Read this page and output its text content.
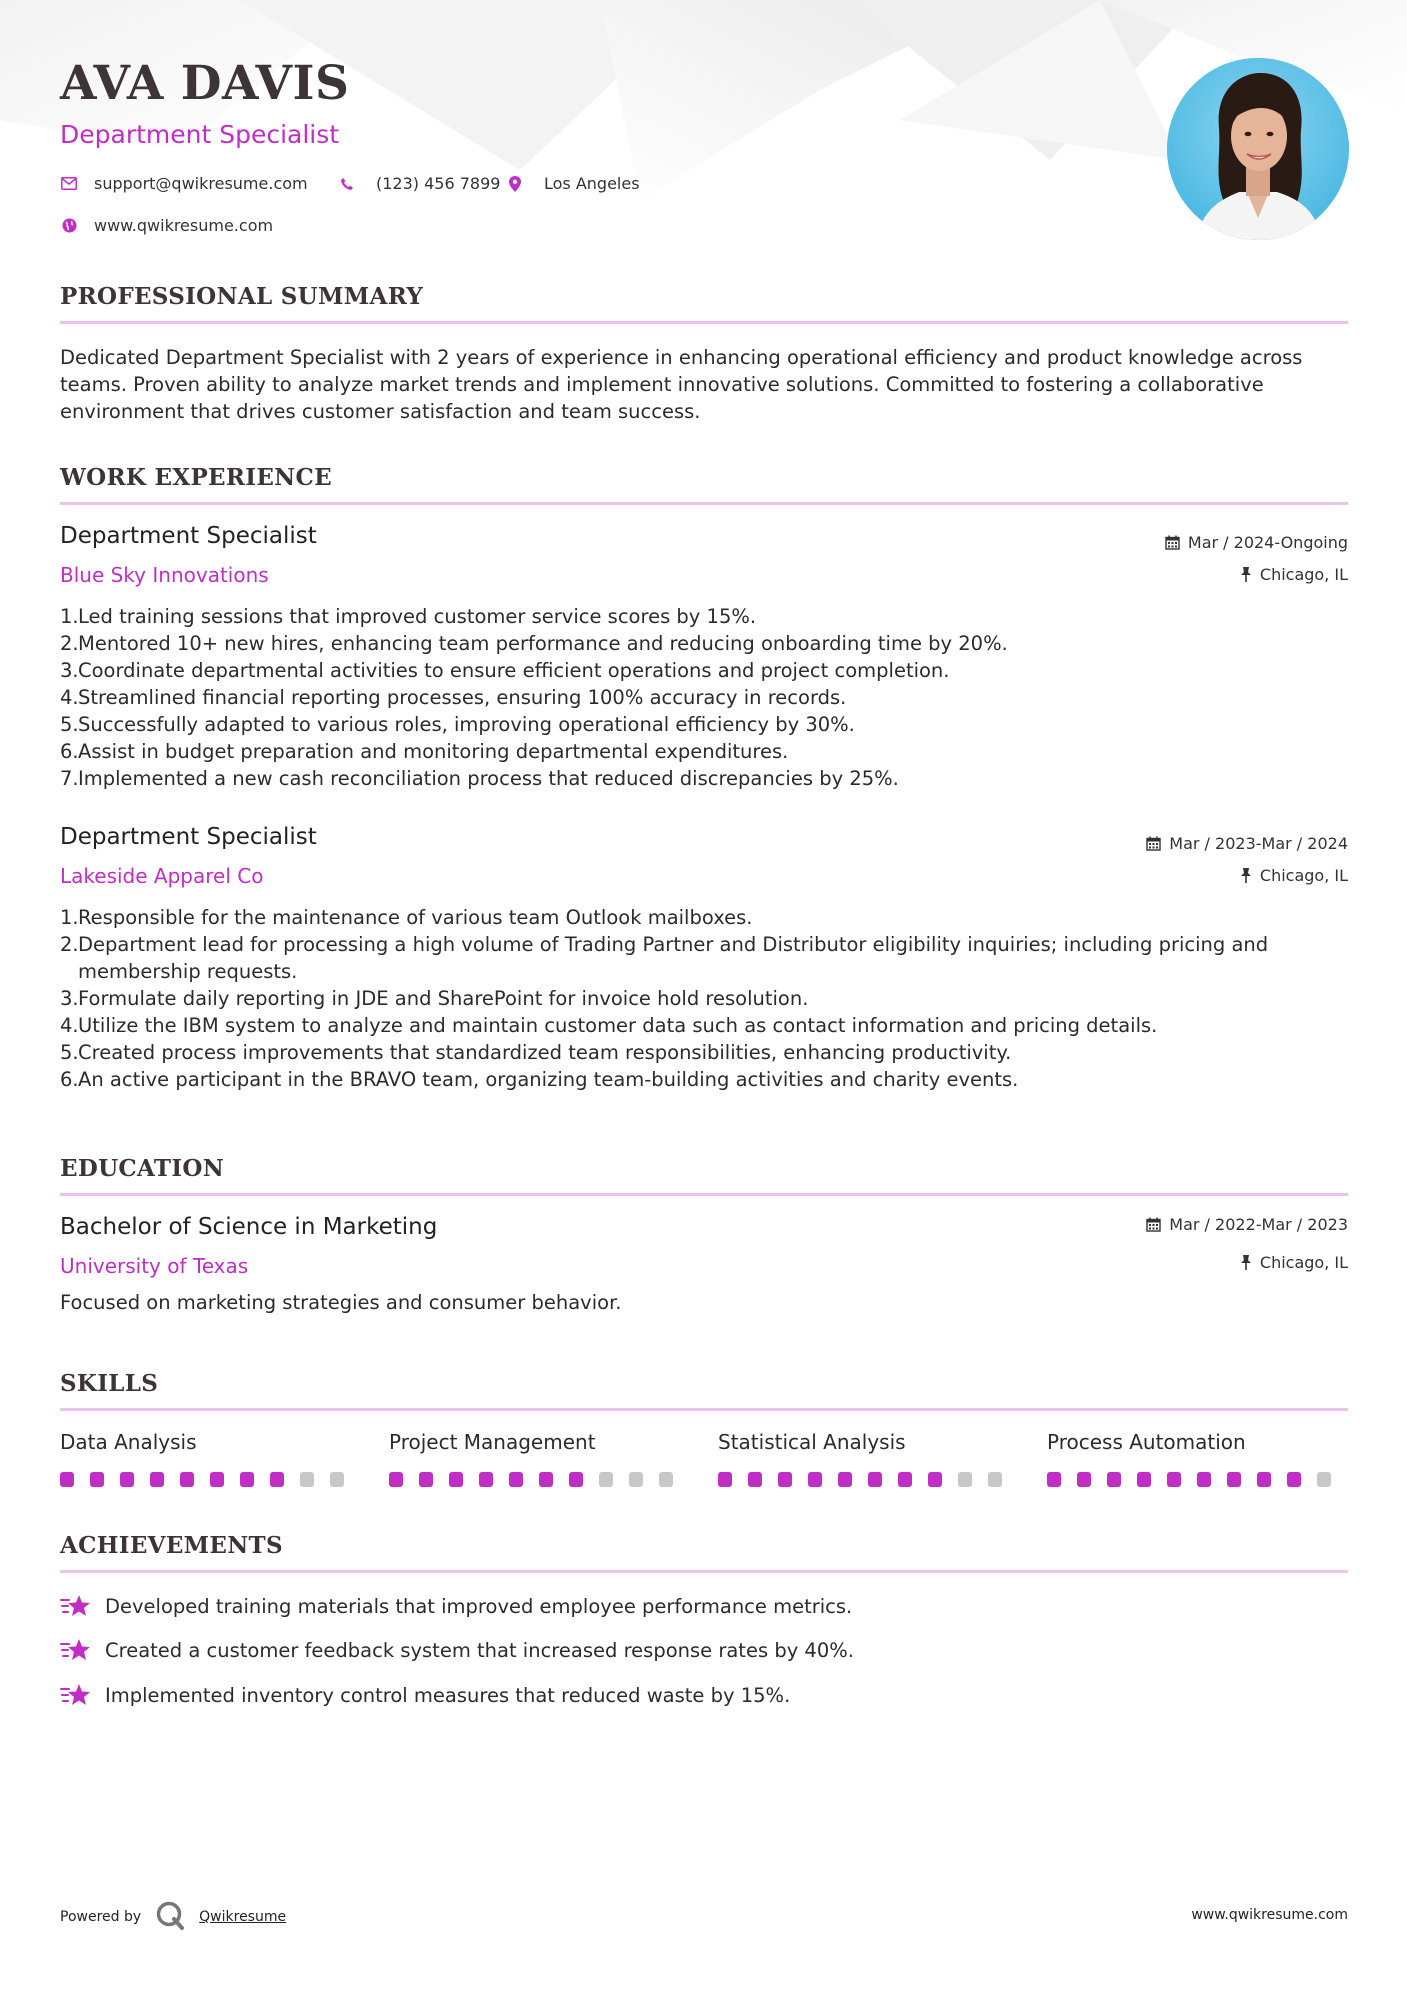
AVA DAVIS
Department Specialist
support@qwikresume.com	(123) 456 7899	Los Angeles
www.qwikresume.com
PROFESSIONAL SUMMARY
Dedicated Department Specialist with 2 years of experience in enhancing operational efficiency and product knowledge across teams. Proven ability to analyze market trends and implement innovative solutions. Committed to fostering a collaborative environment that drives customer satisfaction and team success.
WORK EXPERIENCE
Department Specialist
Blue Sky Innovations
Mar / 2024-Ongoing
Chicago, IL
1. Led training sessions that improved customer service scores by 15%.
2. Mentored 10+ new hires, enhancing team performance and reducing onboarding time by 20%.
3. Coordinate departmental activities to ensure efficient operations and project completion.
4. Streamlined financial reporting processes, ensuring 100% accuracy in records.
5. Successfully adapted to various roles, improving operational efficiency by 30%.
6. Assist in budget preparation and monitoring departmental expenditures.
7. Implemented a new cash reconciliation process that reduced discrepancies by 25%.
Department Specialist
Lakeside Apparel Co
Mar / 2023-Mar / 2024
Chicago, IL
1. Responsible for the maintenance of various team Outlook mailboxes.
2. Department lead for processing a high volume of Trading Partner and Distributor eligibility inquiries; including pricing and membership requests.
3. Formulate daily reporting in JDE and SharePoint for invoice hold resolution.
4. Utilize the IBM system to analyze and maintain customer data such as contact information and pricing details.
5. Created process improvements that standardized team responsibilities, enhancing productivity.
6. An active participant in the BRAVO team, organizing team-building activities and charity events.
EDUCATION
Bachelor of Science in Marketing
University of Texas
Mar / 2022-Mar / 2023
Chicago, IL
Focused on marketing strategies and consumer behavior.
SKILLS
Data Analysis	Project Management	Statistical Analysis	Process Automation
ACHIEVEMENTS
Developed training materials that improved employee performance metrics.
Created a customer feedback system that increased response rates by 40%.
Implemented inventory control measures that reduced waste by 15%.
Powered by	Qwikresume	www.qwikresume.com
